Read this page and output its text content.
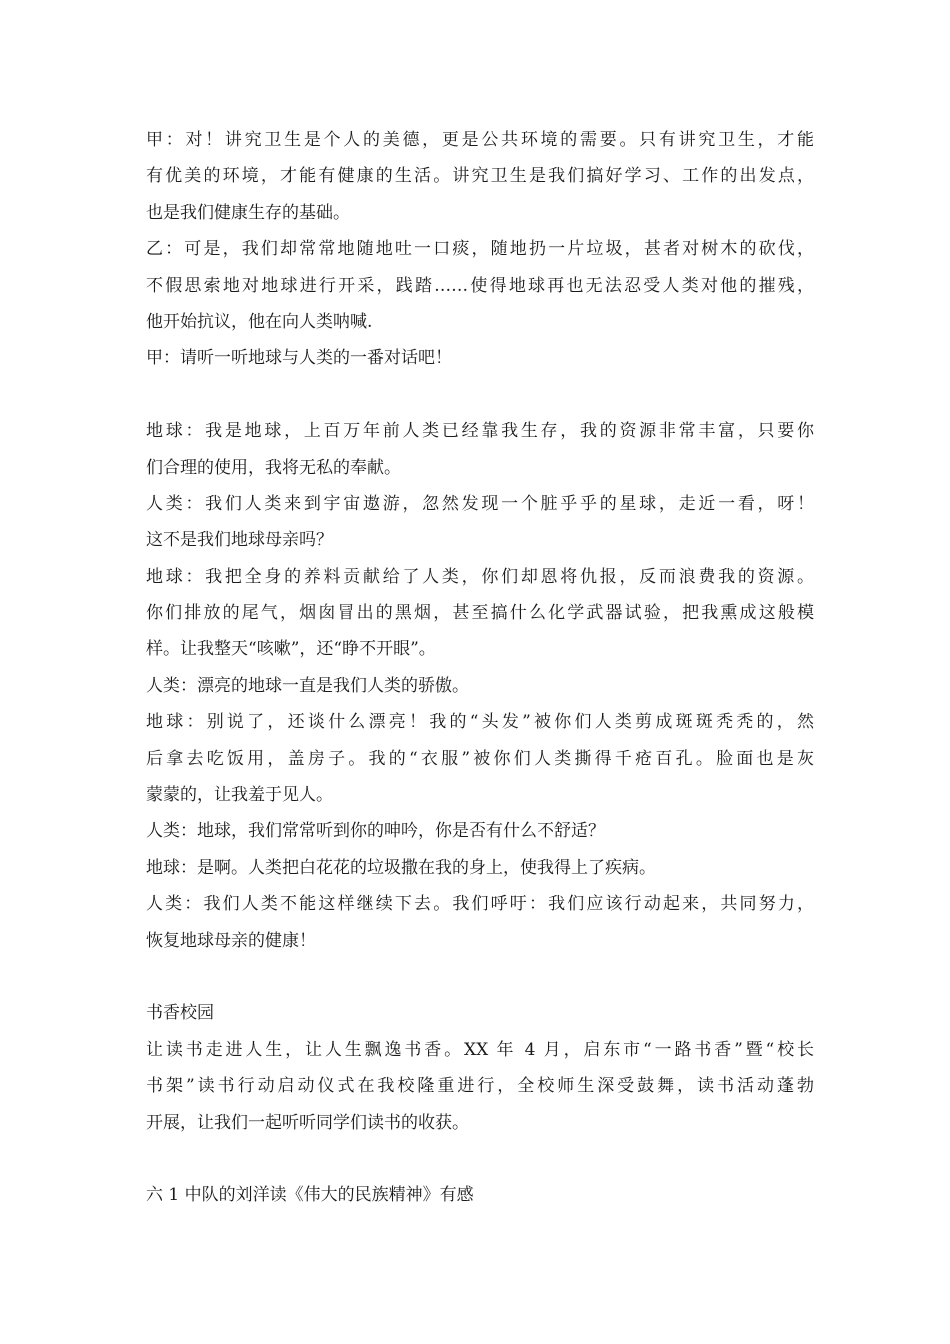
甲：对！讲究卫生是个人的美德，更是公共环境的需要。只有讲究卫生，才能
有优美的环境，才能有健康的生活。讲究卫生是我们搞好学习、工作的出发点，
也是我们健康生存的基础。
乙：可是，我们却常常地随地吐一口痰，随地扔一片垃圾，甚者对树木的砍伐，
不假思索地对地球进行开采，践踏……使得地球再也无法忍受人类对他的摧残，
他开始抗议，他在向人类呐喊.
甲：请听一听地球与人类的一番对话吧！
地球：我是地球，上百万年前人类已经靠我生存，我的资源非常丰富，只要你
们合理的使用，我将无私的奉献。
人类：我们人类来到宇宙遨游，忽然发现一个脏乎乎的星球，走近一看，呀！
这不是我们地球母亲吗？
地球：我把全身的养料贡献给了人类，你们却恩将仇报，反而浪费我的资源。
你们排放的尾气，烟囱冒出的黑烟，甚至搞什么化学武器试验，把我熏成这般模
样。让我整天“咳嗽”，还“睁不开眼”。
人类：漂亮的地球一直是我们人类的骄傲。
地球：别说了，还谈什么漂亮！我的“头发”被你们人类剪成斑斑秃秃的，然
后拿去吃饭用，盖房子。我的“衣服”被你们人类撕得千疮百孔。脸面也是灰
蒙蒙的，让我羞于见人。
人类：地球，我们常常听到你的呻吟，你是否有什么不舒适？
地球：是啊。人类把白花花的垃圾撒在我的身上，使我得上了疾病。
人类：我们人类不能这样继续下去。我们呼吁：我们应该行动起来，共同努力，
恢复地球母亲的健康！
书香校园
让读书走进人生，让人生飘逸书香。XX 年 4 月，启东市“一路书香”暨“校长
书架”读书行动启动仪式在我校隆重进行，全校师生深受鼓舞，读书活动蓬勃
开展，让我们一起听听同学们读书的收获。
六 1 中队的刘洋读《伟大的民族精神》有感
